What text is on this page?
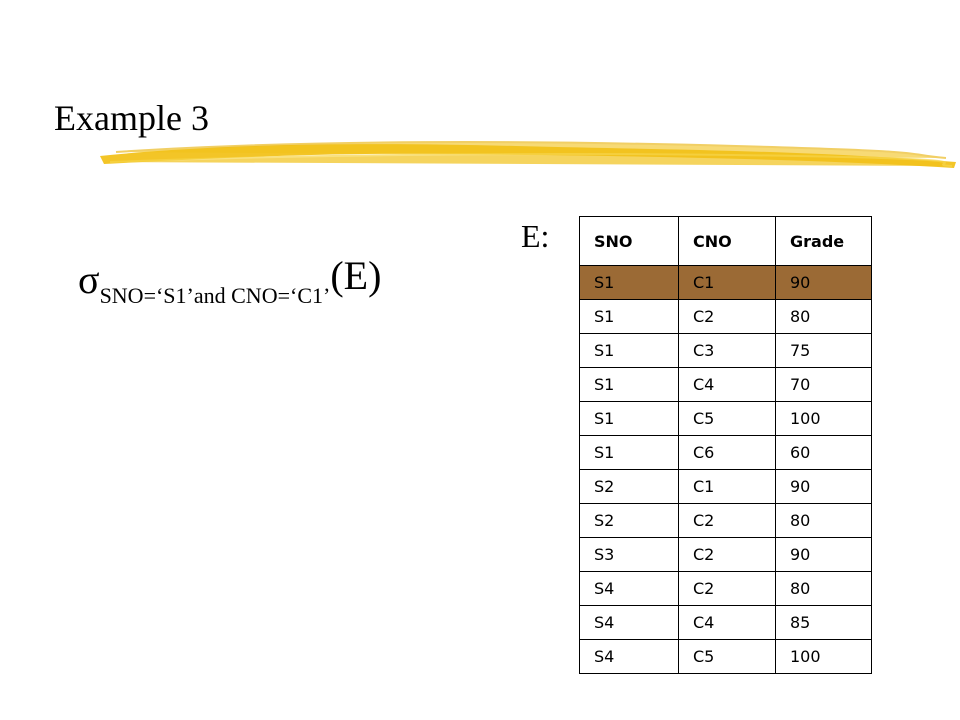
Example 3
σSNO=‘S1’and CNO=‘C1’(E)
E:	SNO	CNO	Grade
S1	C1	90
S1	C2	80
S1	C3	75
S1	C4	70
S1	C5	100
S1	C6	60
S2	C1	90
S2	C2	80
S3	C2	90
S4	C2	80
S4	C4	85
S4	C5	100
